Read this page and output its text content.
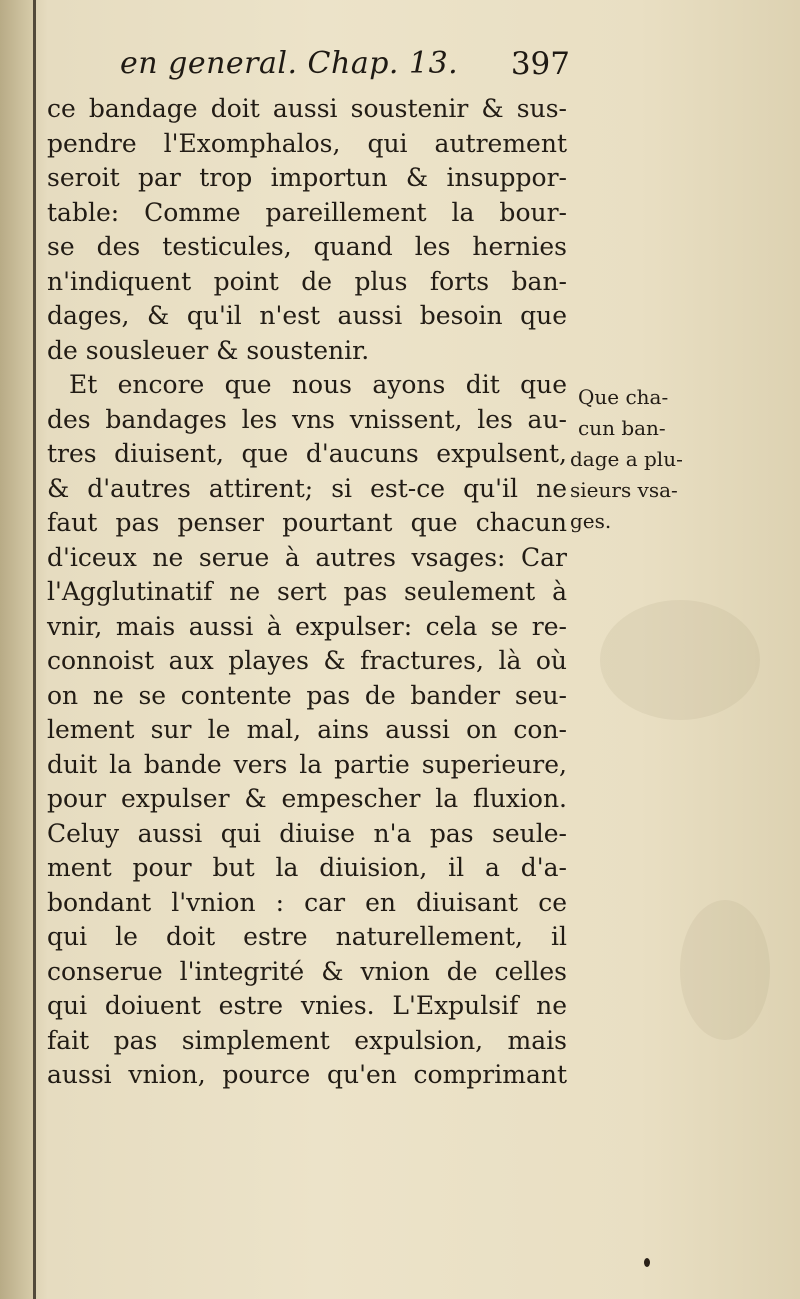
en general. Chap. 13. 397
ce bandage doit aussi soustenir & sus-
pendre l'Exomphalos, qui autrement
seroit par trop importun & insuppor-
table: Comme pareillement la bour-
se des testicules, quand les hernies
n'indiquent point de plus forts ban-
dages, & qu'il n'est aussi besoin que
de sousleuer & soustenir.
Et encore que nous ayons dit que
des bandages les vns vnissent, les au-
tres diuisent, que d'aucuns expulsent,
& d'autres attirent; si est-ce qu'il ne
faut pas penser pourtant que chacun
d'iceux ne serue à autres vsages: Car
l'Agglutinatif ne sert pas seulement à
vnir, mais aussi à expulser: cela se re-
connoist aux playes & fractures, là où
on ne se contente pas de bander seu-
lement sur le mal, ains aussi on con-
duit la bande vers la partie superieure,
pour expulser & empescher la fluxion.
Celuy aussi qui diuise n'a pas seule-
ment pour but la diuision, il a d'a-
bondant l'vnion : car en diuisant ce
qui le doit estre naturellement, il
conserue l'integrité & vnion de celles
qui doiuent estre vnies. L'Expulsif ne
fait pas simplement expulsion, mais
aussi vnion, pource qu'en comprimant
Que cha-
cun ban-
dage a plu-
sieurs vsa-
ges.
